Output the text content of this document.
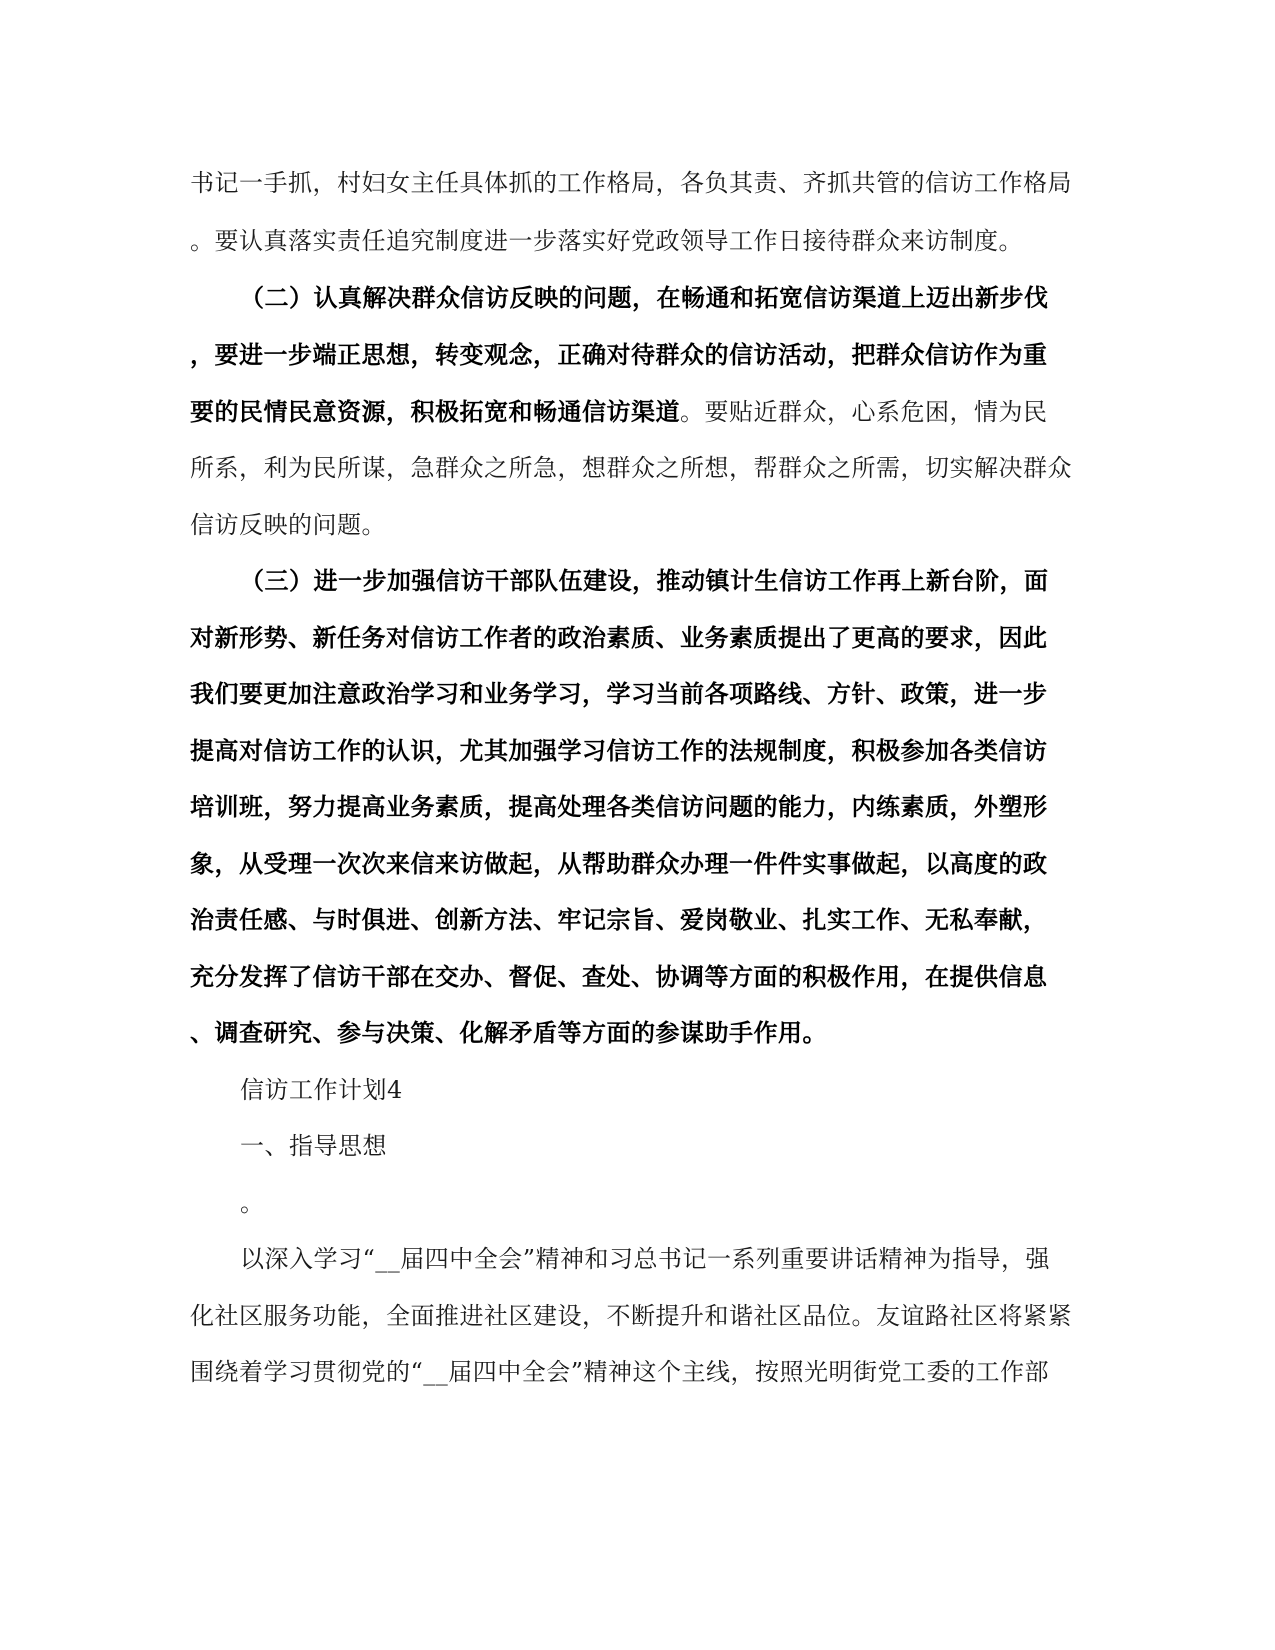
书记一手抓，村妇女主任具体抓的工作格局，各负其责、齐抓共管的信访工作格局
。要认真落实责任追究制度进一步落实好党政领导工作日接待群众来访制度。
（二）认真解决群众信访反映的问题，在畅通和拓宽信访渠道上迈出新步伐
，要进一步端正思想，转变观念，正确对待群众的信访活动，把群众信访作为重
要的民情民意资源，积极拓宽和畅通信访渠道。要贴近群众，心系危困，情为民
所系，利为民所谋，急群众之所急，想群众之所想，帮群众之所需，切实解决群众
信访反映的问题。
（三）进一步加强信访干部队伍建设，推动镇计生信访工作再上新台阶，面
对新形势、新任务对信访工作者的政治素质、业务素质提出了更高的要求，因此
我们要更加注意政治学习和业务学习，学习当前各项路线、方针、政策，进一步
提高对信访工作的认识，尤其加强学习信访工作的法规制度，积极参加各类信访
培训班，努力提高业务素质，提高处理各类信访问题的能力，内练素质，外塑形
象，从受理一次次来信来访做起，从帮助群众办理一件件实事做起，以高度的政
治责任感、与时俱进、创新方法、牢记宗旨、爱岗敬业、扎实工作、无私奉献，
充分发挥了信访干部在交办、督促、查处、协调等方面的积极作用，在提供信息
、调查研究、参与决策、化解矛盾等方面的参谋助手作用。
信访工作计划4
一、指导思想
。
以深入学习“__届四中全会”精神和习总书记一系列重要讲话精神为指导，强
化社区服务功能，全面推进社区建设，不断提升和谐社区品位。友谊路社区将紧紧
围绕着学习贯彻党的“__届四中全会”精神这个主线，按照光明街党工委的工作部
